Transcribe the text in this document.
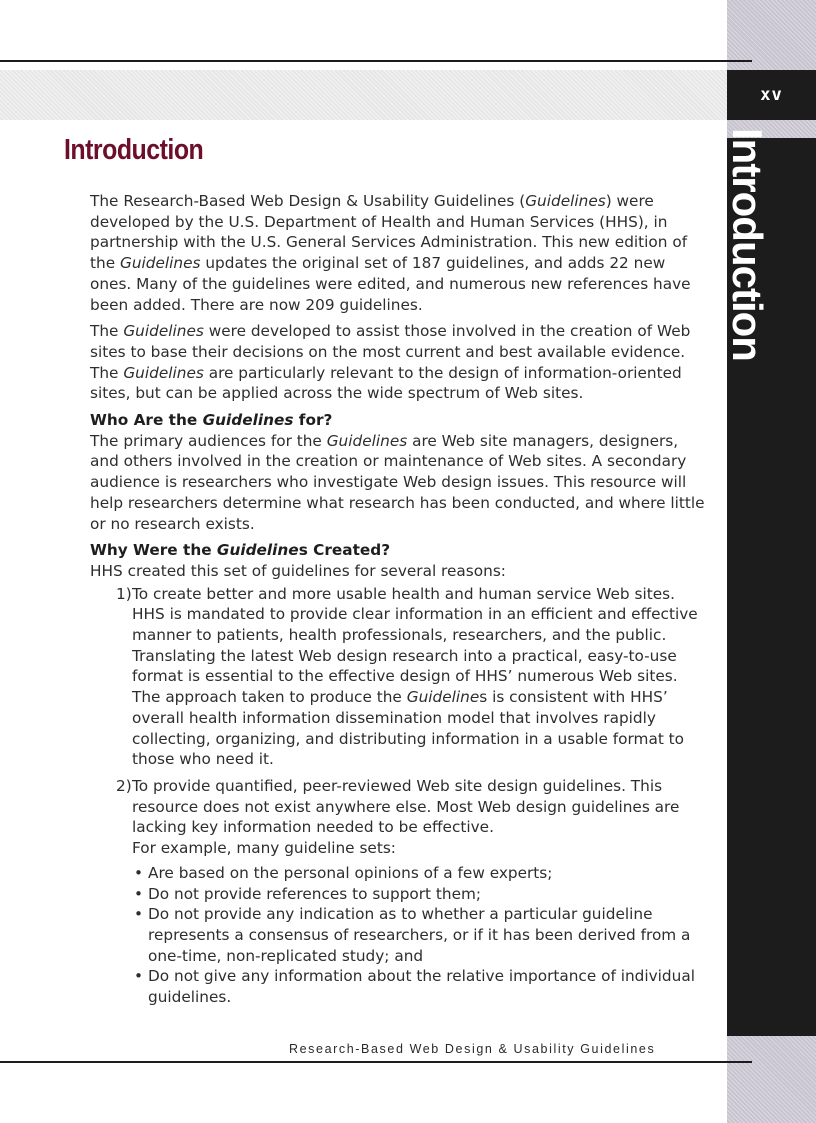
xv
Introduction
Introduction

The Research-Based Web Design & Usability Guidelines (Guidelines) were developed by the U.S. Department of Health and Human Services (HHS), in partnership with the U.S. General Services Administration. This new edition of the Guidelines updates the original set of 187 guidelines, and adds 22 new ones. Many of the guidelines were edited, and numerous new references have been added. There are now 209 guidelines.

The Guidelines were developed to assist those involved in the creation of Web sites to base their decisions on the most current and best available evidence. The Guidelines are particularly relevant to the design of information-oriented sites, but can be applied across the wide spectrum of Web sites.

Who Are the Guidelines for?

The primary audiences for the Guidelines are Web site managers, designers, and others involved in the creation or maintenance of Web sites. A secondary audience is researchers who investigate Web design issues. This resource will help researchers determine what research has been conducted, and where little or no research exists.

Why Were the Guidelines Created?

HHS created this set of guidelines for several reasons:

1) To create better and more usable health and human service Web sites. HHS is mandated to provide clear information in an efficient and effective manner to patients, health professionals, researchers, and the public. Translating the latest Web design research into a practical, easy-to-use format is essential to the effective design of HHS’ numerous Web sites. The approach taken to produce the Guidelines is consistent with HHS’ overall health information dissemination model that involves rapidly collecting, organizing, and distributing information in a usable format to those who need it.
2) To provide quantified, peer-reviewed Web site design guidelines. This resource does not exist anywhere else. Most Web design guidelines are lacking key information needed to be effective.
For example, many guideline sets:
• Are based on the personal opinions of a few experts;
• Do not provide references to support them;
• Do not provide any indication as to whether a particular guideline represents a consensus of researchers, or if it has been derived from a one-time, non-replicated study; and
• Do not give any information about the relative importance of individual guidelines.
Research-Based Web Design & Usability Guidelines
